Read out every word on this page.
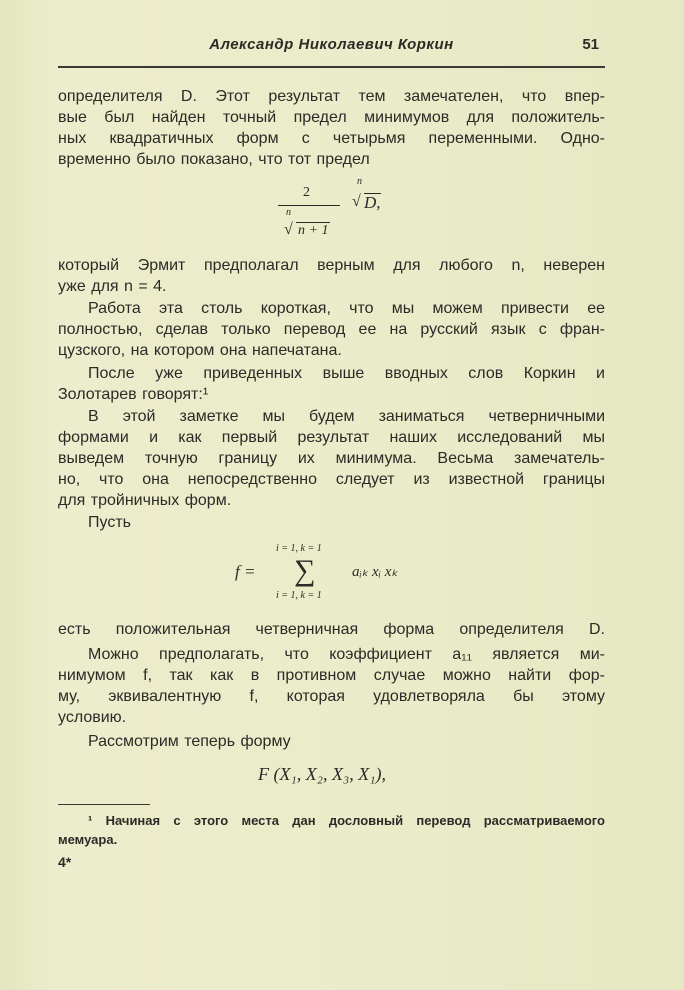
Александр Николаевич Коркин	51
определителя D. Этот результат тем замечателен, что впер-
вые был найден точный предел минимумов для положитель-
ных квадратичных форм с четырьмя переменными. Одно-
временно было показано, что тот предел
2
n
√ n + 1
n
√ D,
который Эрмит предполагал верным для любого n, неверен
уже для n = 4.
Работа эта столь короткая, что мы можем привести ее
полностью, сделав только перевод ее на русский язык с фран-
цузского, на котором она напечатана.
После уже приведенных выше вводных слов Коркин и
Золотарев говорят:¹
В этой заметке мы будем заниматься четверничными
формами и как первый результат наших исследований мы
выведем точную границу их минимума. Весьма замечатель-
но, что она непосредственно следует из известной границы
для тройничных форм.
Пусть
f =
i = 1, k = 1
∑
i = 1, k = 1
aᵢₖ xᵢ xₖ
есть положительная четверничная форма определителя D.
Можно предполагать, что коэффициент a₁₁ является ми-
нимумом f, так как в противном случае можно найти фор-
му, эквивалентную f, которая удовлетворяла бы этому
условию.
Рассмотрим теперь форму
F (X₁, X₂, X₃, X₁),
¹ Начиная с этого места дан дословный перевод рассматриваемого
мемуара.
4*
